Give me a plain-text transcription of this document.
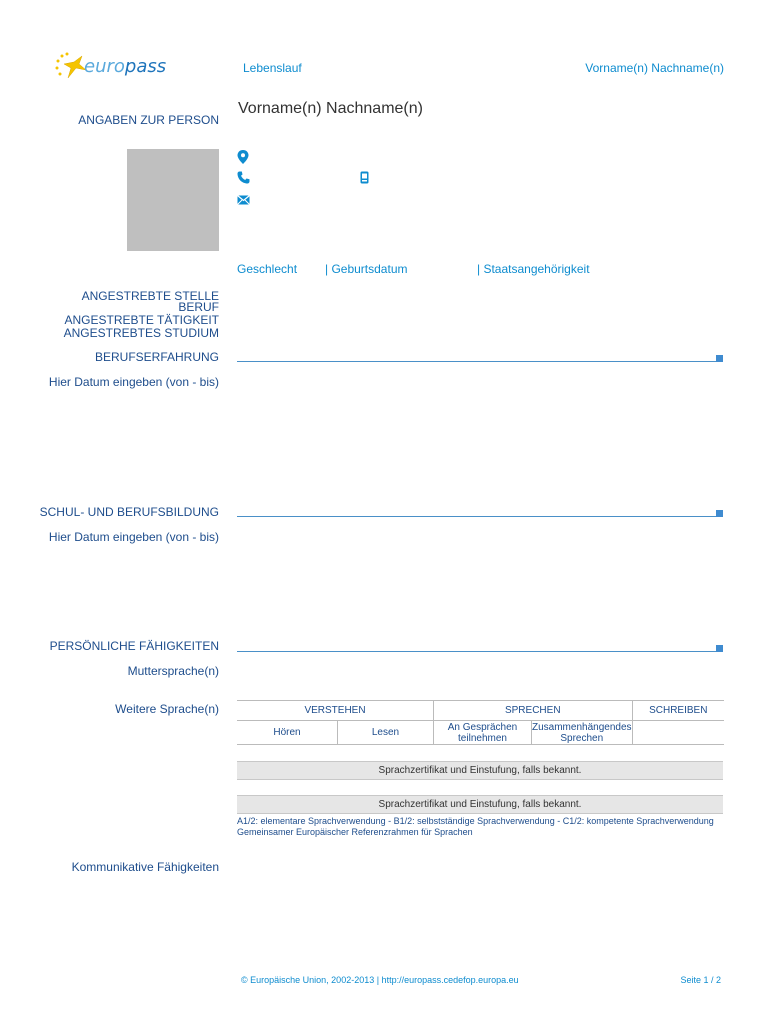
europass	Lebenslauf	Vorname(n) Nachname(n)
ANGABEN ZUR PERSON
Vorname(n) Nachname(n)
Geschlecht | Geburtsdatum	| Staatsangehörigkeit
ANGESTREBTE STELLE
BERUF
ANGESTREBTE TÄTIGKEIT
ANGESTREBTES STUDIUM
BERUFSERFAHRUNG
Hier Datum eingeben (von - bis)
SCHUL- UND BERUFSBILDUNG
Hier Datum eingeben (von - bis)
PERSÖNLICHE FÄHIGKEITEN
Muttersprache(n)
Weitere Sprache(n)	VERSTEHEN		SPRECHEN		SCHREIBEN
Hören	Lesen	An Gesprächen teilnehmen	Zusammenhängendes Sprechen	
Sprachzertifikat und Einstufung, falls bekannt.
Sprachzertifikat und Einstufung, falls bekannt.
A1/2: elementare Sprachverwendung - B1/2: selbstständige Sprachverwendung - C1/2: kompetente Sprachverwendung
Gemeinsamer Europäischer Referenzrahmen für Sprachen
Kommunikative Fähigkeiten
© Europäische Union, 2002-2013 | http://europass.cedefop.europa.eu	Seite 1 / 2
